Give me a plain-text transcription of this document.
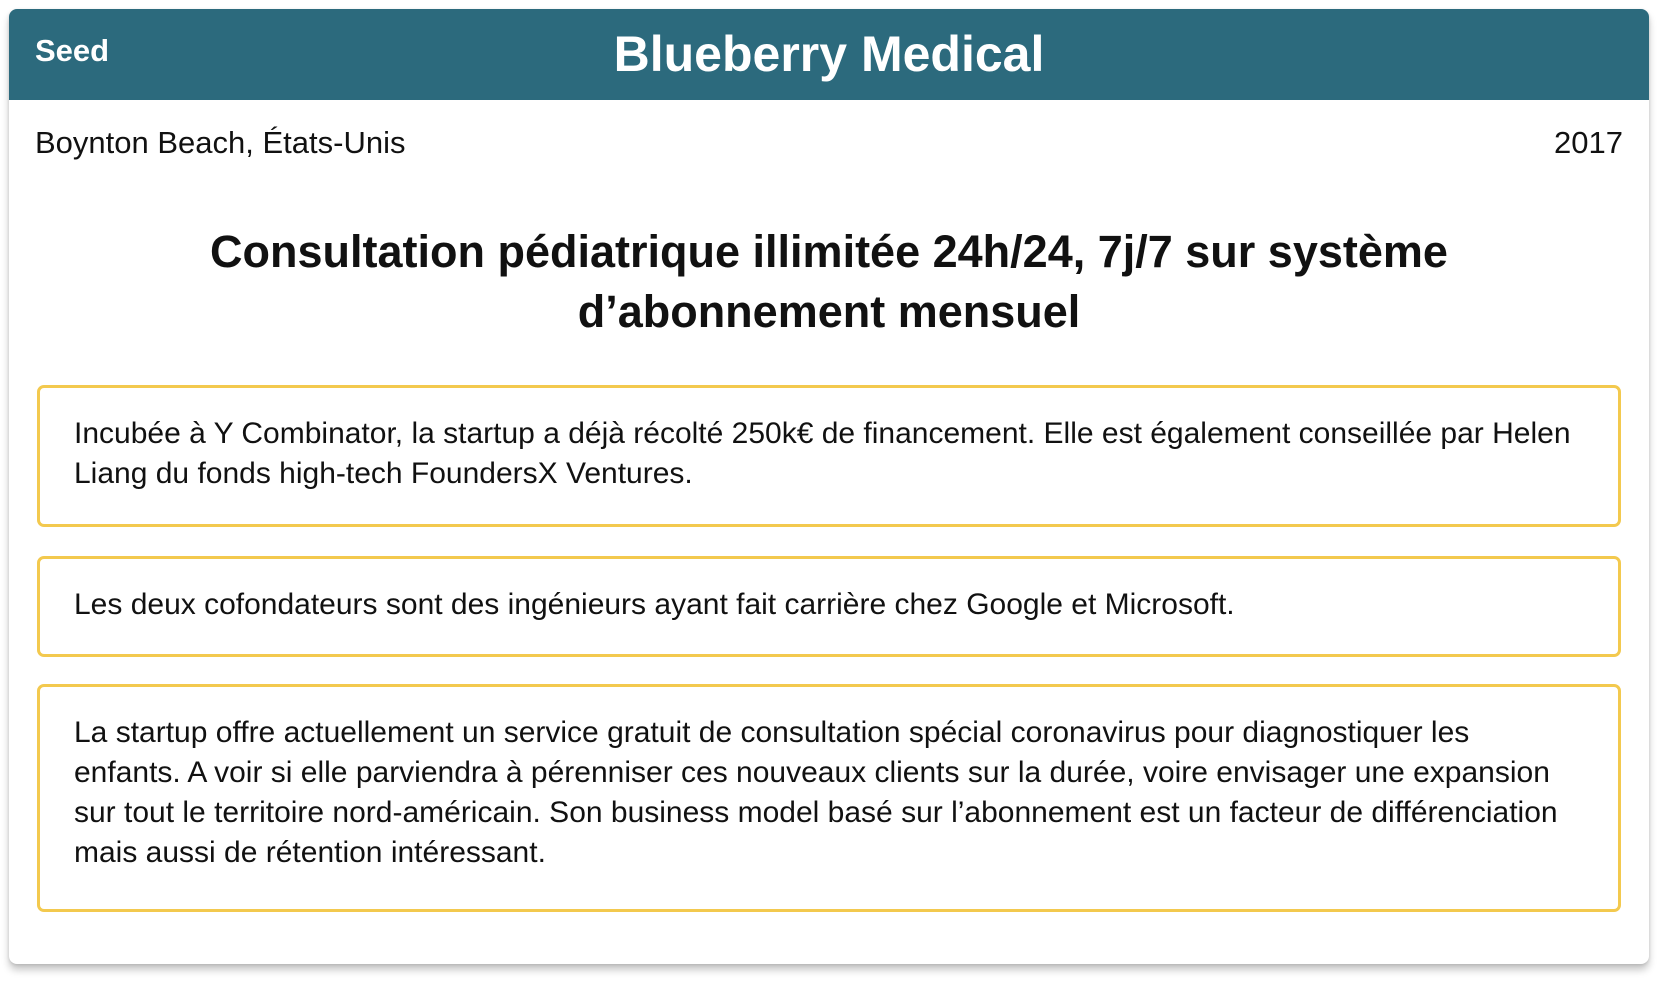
Seed	Blueberry Medical
Boynton Beach, États-Unis	2017
Consultation pédiatrique illimitée 24h/24, 7j/7 sur système d’abonnement mensuel
Incubée à Y Combinator, la startup a déjà récolté 250k€ de financement. Elle est également conseillée par Helen Liang du fonds high-tech FoundersX Ventures.
Les deux cofondateurs sont des ingénieurs ayant fait carrière chez Google et Microsoft.
La startup offre actuellement un service gratuit de consultation spécial coronavirus pour diagnostiquer les enfants. A voir si elle parviendra à pérenniser ces nouveaux clients sur la durée, voire envisager une expansion sur tout le territoire nord-américain. Son business model basé sur l’abonnement est un facteur de différenciation mais aussi de rétention intéressant.
